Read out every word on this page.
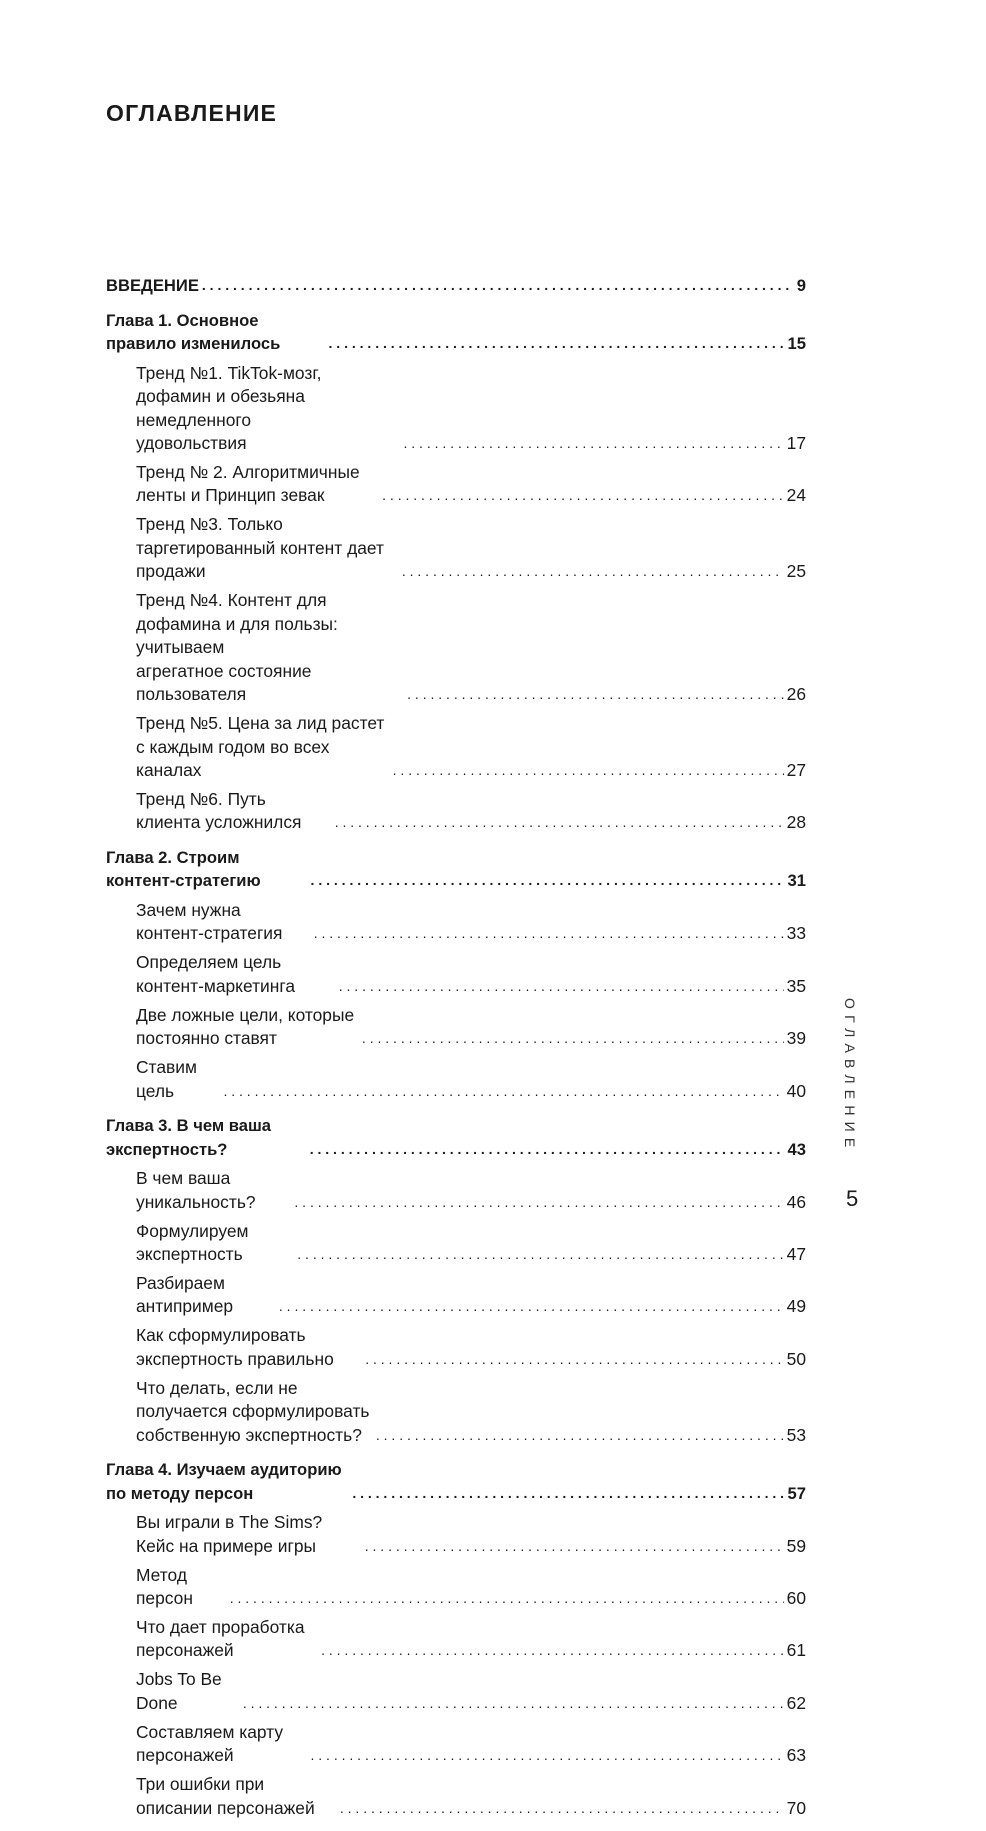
ОГЛАВЛЕНИЕ
ВВЕДЕНИЕ . . .	9
Глава 1. Основное правило изменилось . . .	15
Тренд №1. TikTok-мозг, дофамин и обезьяна немедленного
удовольствия . . .	17
Тренд № 2. Алгоритмичные ленты и Принцип зевак . . .	24
Тренд №3. Только таргетированный контент дает продажи . . .	25
Тренд №4. Контент для дофамина и для пользы: учитываем
агрегатное состояние пользователя . . .	26
Тренд №5. Цена за лид растет с каждым годом во всех
каналах . . .	27
Тренд №6. Путь клиента усложнился . . .	28
Глава 2. Строим контент-стратегию . . .	31
Зачем нужна контент-стратегия . . .	33
Определяем цель контент-маркетинга . . .	35
Две ложные цели, которые постоянно ставят . . .	39
Ставим цель . . .	40
Глава 3. В чем ваша экспертность? . . .	43
В чем ваша уникальность? . . .	46
Формулируем экспертность . . .	47
Разбираем антипример . . .	49
Как сформулировать экспертность правильно . . .	50
Что делать, если не получается сформулировать
собственную экспертность? . . .	53
Глава 4. Изучаем аудиторию по методу персон . . .	57
Вы играли в The Sims? Кейс на примере игры . . .	59
Метод персон . . .	60
Что дает проработка персонажей . . .	61
Jobs To Be Done . . .	62
Составляем карту персонажей . . .	63
Три ошибки при описании персонажей . . .	70
ОГЛАВЛЕНИЕ
5
